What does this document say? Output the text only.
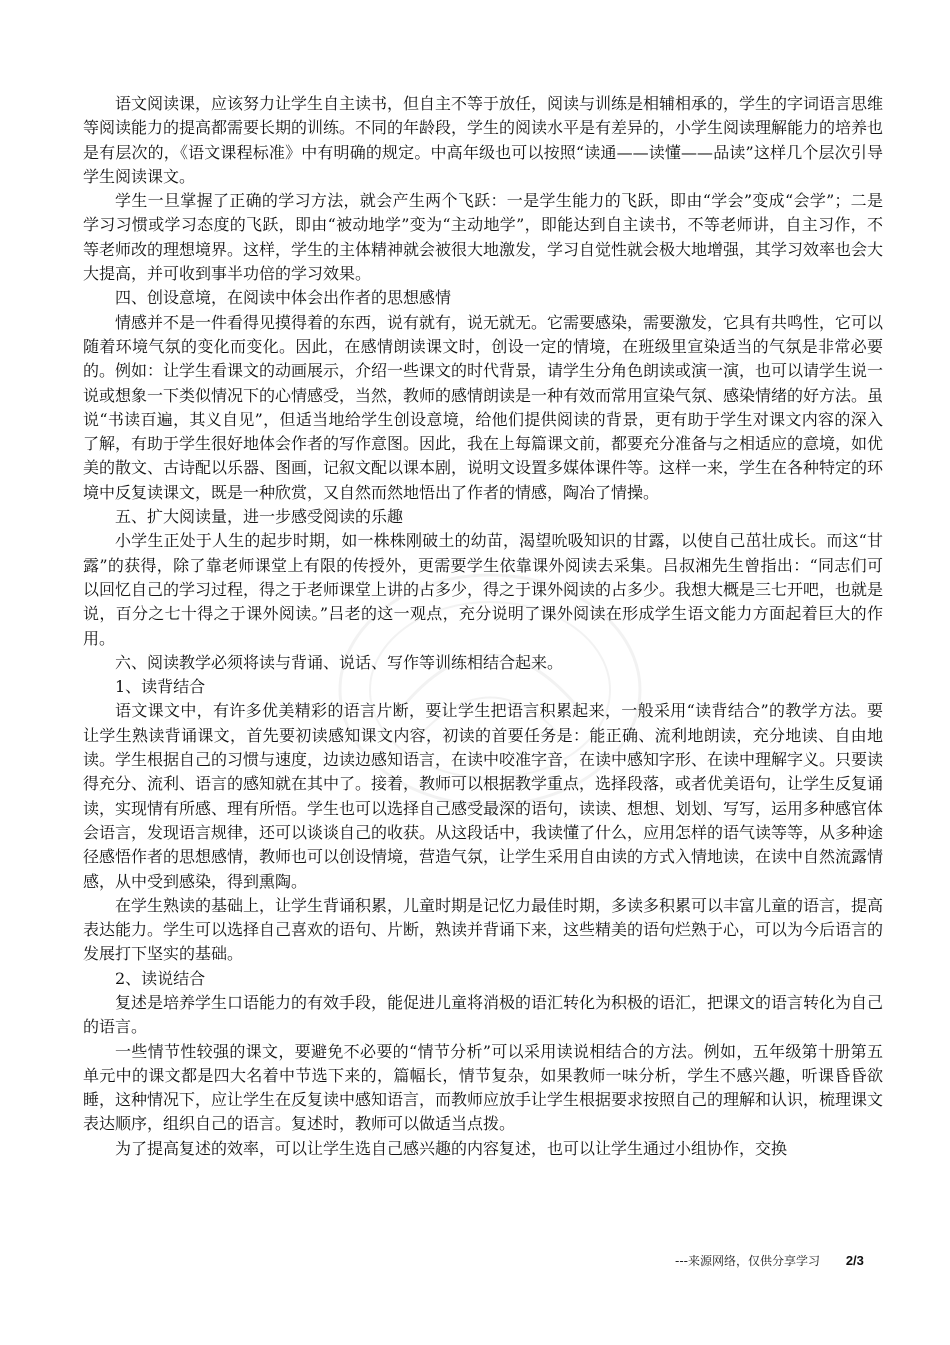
语文阅读课，应该努力让学生自主读书，但自主不等于放任，阅读与训练是相辅相承的，学生的字词语言思维等阅读能力的提高都需要长期的训练。不同的年龄段，学生的阅读水平是有差异的，小学生阅读理解能力的培养也是有层次的，《语文课程标准》中有明确的规定。中高年级也可以按照“读通——读懂——品读”这样几个层次引导学生阅读课文。

学生一旦掌握了正确的学习方法，就会产生两个飞跃：一是学生能力的飞跃，即由“学会”变成“会学”；二是学习习惯或学习态度的飞跃，即由“被动地学”变为“主动地学”，即能达到自主读书，不等老师讲，自主习作，不等老师改的理想境界。这样，学生的主体精神就会被很大地激发，学习自觉性就会极大地增强，其学习效率也会大大提高，并可收到事半功倍的学习效果。

四、创设意境，在阅读中体会出作者的思想感情

情感并不是一件看得见摸得着的东西，说有就有，说无就无。它需要感染，需要激发，它具有共鸣性，它可以随着环境气氛的变化而变化。因此，在感情朗读课文时，创设一定的情境，在班级里宣染适当的气氛是非常必要的。例如：让学生看课文的动画展示，介绍一些课文的时代背景，请学生分角色朗读或演一演，也可以请学生说一说或想象一下类似情况下的心情感受，当然，教师的感情朗读是一种有效而常用宣染气氛、感染情绪的好方法。虽说“书读百遍，其义自见”，但适当地给学生创设意境，给他们提供阅读的背景，更有助于学生对课文内容的深入了解，有助于学生很好地体会作者的写作意图。因此，我在上每篇课文前，都要充分准备与之相适应的意境，如优美的散文、古诗配以乐器、图画，记叙文配以课本剧，说明文设置多媒体课件等。这样一来，学生在各种特定的环境中反复读课文，既是一种欣赏，又自然而然地悟出了作者的情感，陶冶了情操。

五、扩大阅读量，进一步感受阅读的乐趣

小学生正处于人生的起步时期，如一株株刚破土的幼苗，渴望吮吸知识的甘露，以使自己茁壮成长。而这“甘露”的获得，除了靠老师课堂上有限的传授外，更需要学生依靠课外阅读去采集。吕叔湘先生曾指出：“同志们可以回忆自己的学习过程，得之于老师课堂上讲的占多少，得之于课外阅读的占多少。我想大概是三七开吧，也就是说，百分之七十得之于课外阅读。”吕老的这一观点，充分说明了课外阅读在形成学生语文能力方面起着巨大的作用。

六、阅读教学必须将读与背诵、说话、写作等训练相结合起来。

1、读背结合

语文课文中，有许多优美精彩的语言片断，要让学生把语言积累起来，一般采用“读背结合”的教学方法。要让学生熟读背诵课文，首先要初读感知课文内容，初读的首要任务是：能正确、流利地朗读，充分地读、自由地读。学生根据自己的习惯与速度，边读边感知语言，在读中咬准字音，在读中感知字形、在读中理解字义。只要读得充分、流利、语言的感知就在其中了。接着，教师可以根据教学重点，选择段落，或者优美语句，让学生反复诵读，实现情有所感、理有所悟。学生也可以选择自己感受最深的语句，读读、想想、划划、写写，运用多种感官体会语言，发现语言规律，还可以谈谈自己的收获。从这段话中，我读懂了什么，应用怎样的语气读等等，从多种途径感悟作者的思想感情，教师也可以创设情境，营造气氛，让学生采用自由读的方式入情地读，在读中自然流露情感，从中受到感染，得到熏陶。

在学生熟读的基础上，让学生背诵积累，儿童时期是记忆力最佳时期，多读多积累可以丰富儿童的语言，提高表达能力。学生可以选择自己喜欢的语句、片断，熟读并背诵下来，这些精美的语句烂熟于心，可以为今后语言的发展打下坚实的基础。

2、读说结合

复述是培养学生口语能力的有效手段，能促进儿童将消极的语汇转化为积极的语汇，把课文的语言转化为自己的语言。

一些情节性较强的课文，要避免不必要的“情节分析”可以采用读说相结合的方法。例如，五年级第十册第五单元中的课文都是四大名着中节选下来的，篇幅长，情节复杂，如果教师一味分析，学生不感兴趣，听课昏昏欲睡，这种情况下，应让学生在反复读中感知语言，而教师应放手让学生根据要求按照自己的理解和认识，梳理课文表达顺序，组织自己的语言。复述时，教师可以做适当点拨。

为了提高复述的效率，可以让学生选自己感兴趣的内容复述，也可以让学生通过小组协作，交换

---来源网络，仅供分享学习 2/3
